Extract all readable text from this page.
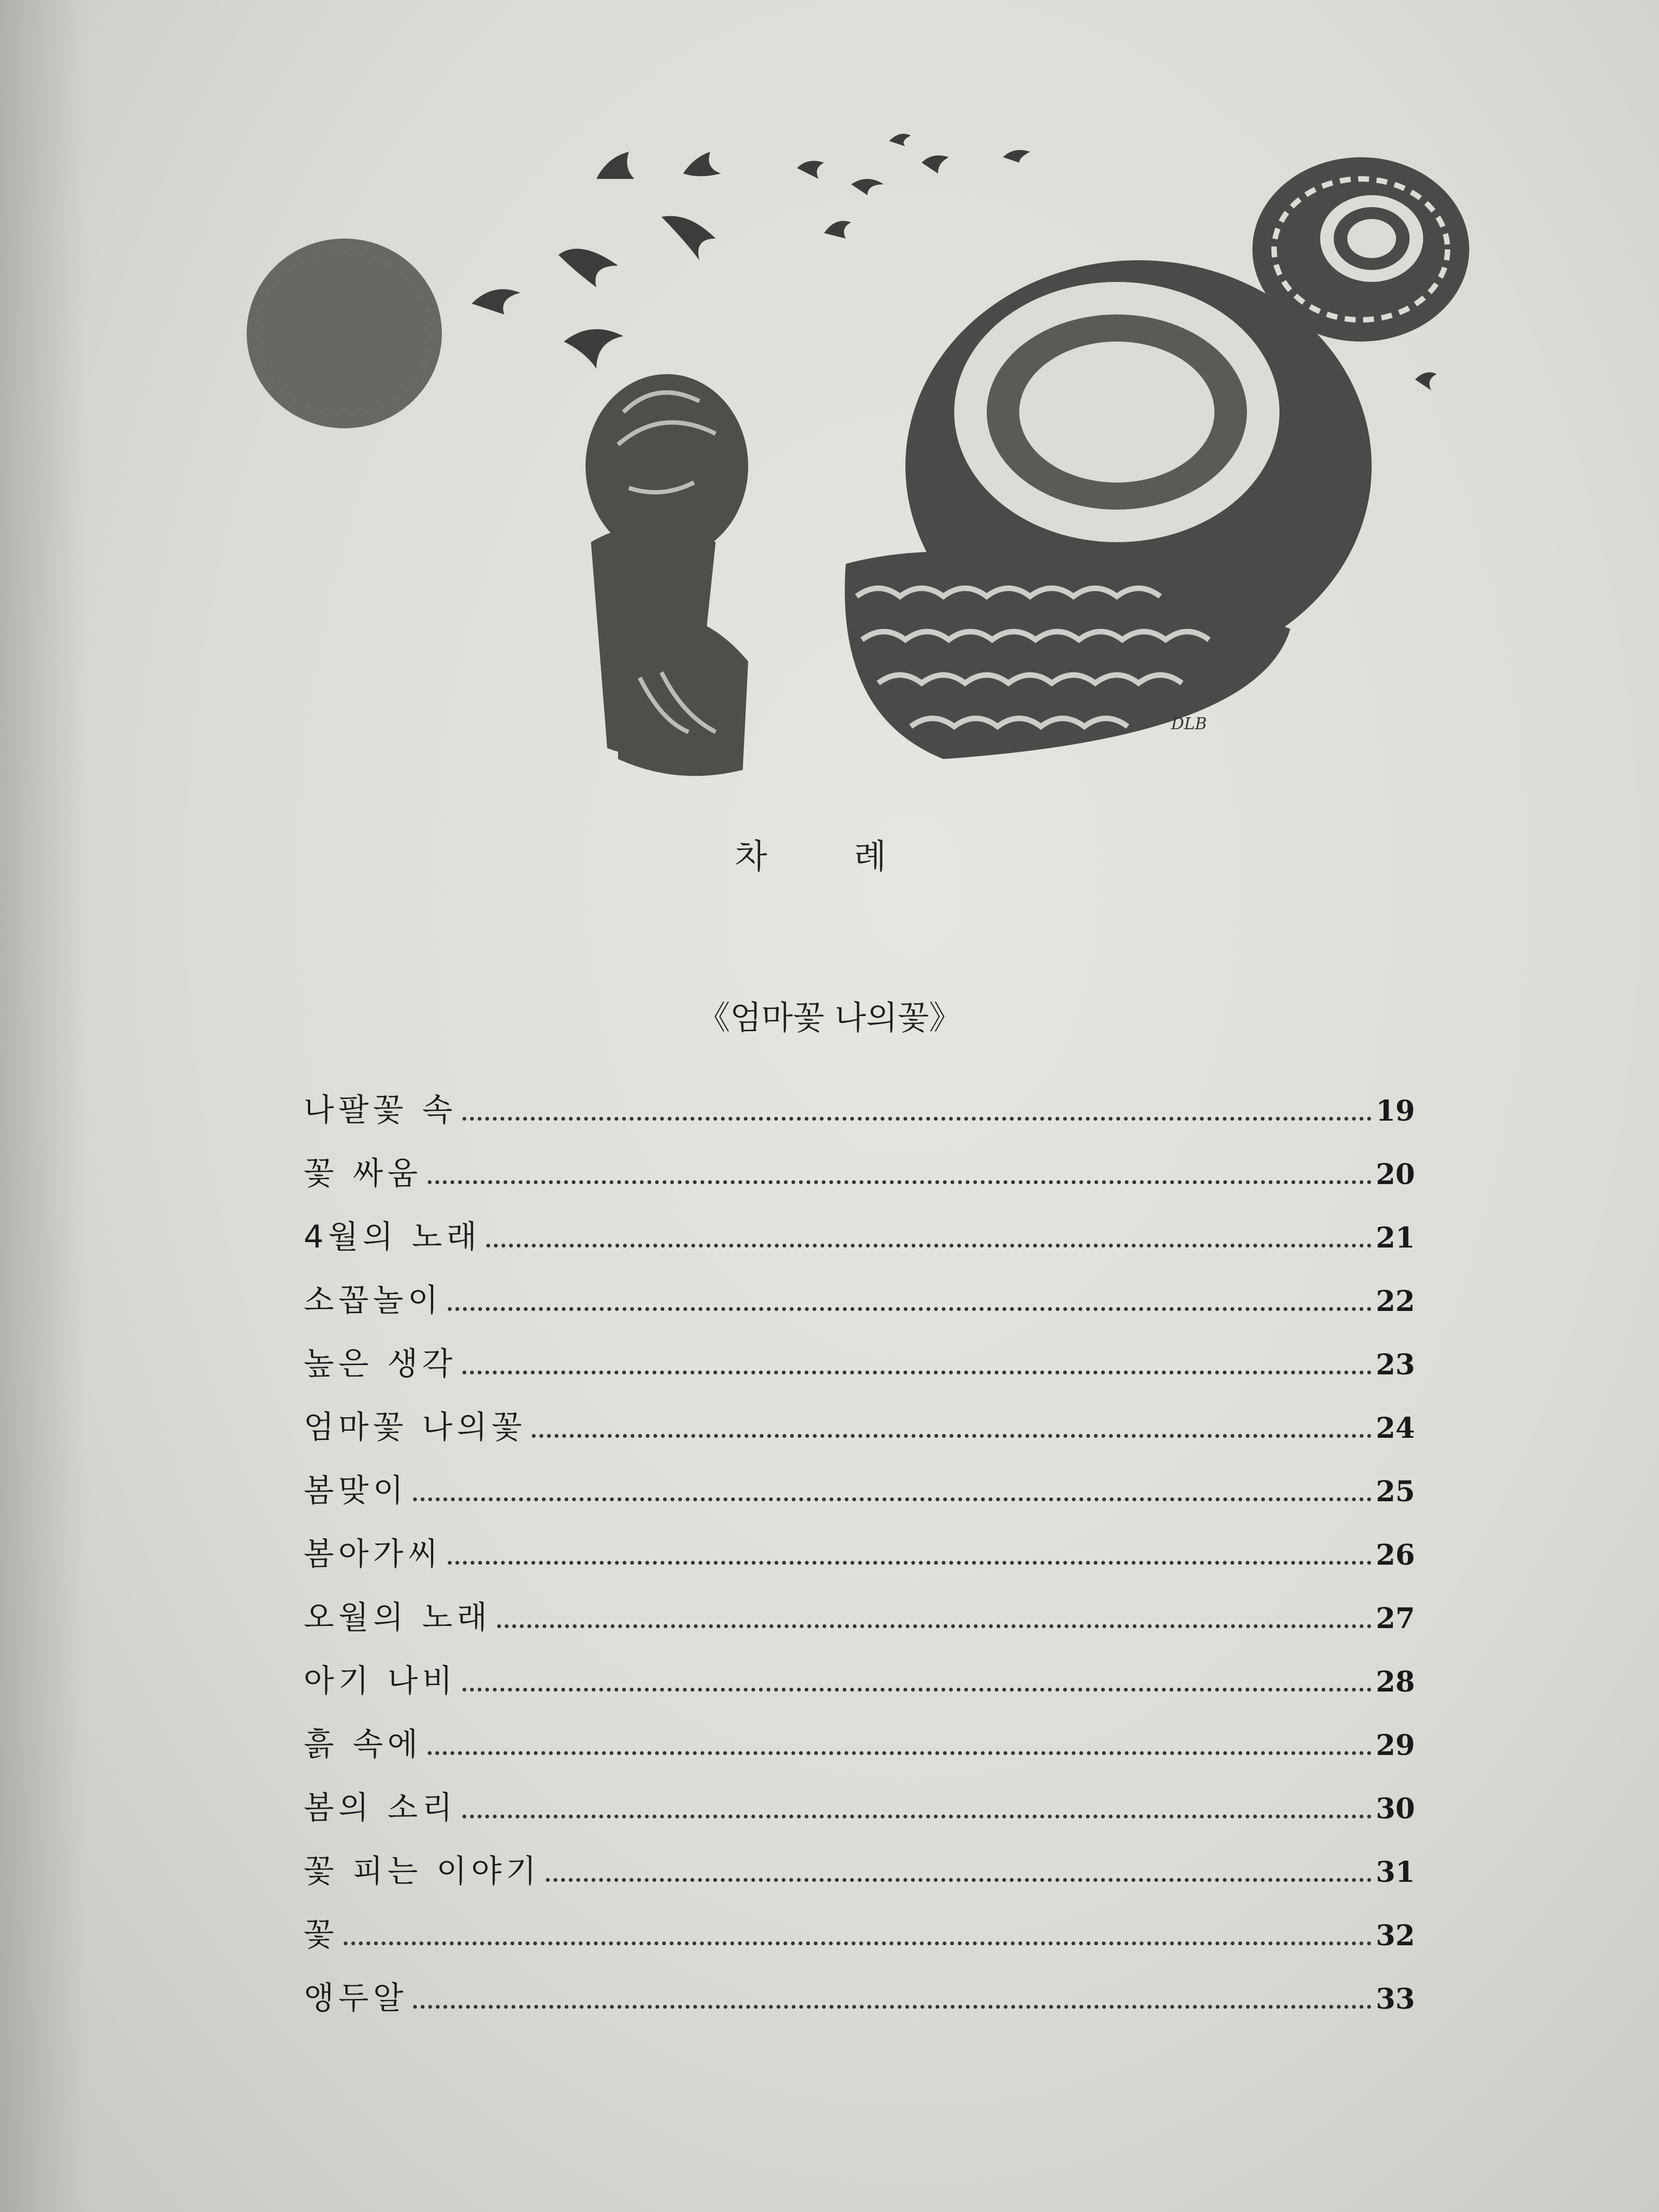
DLB
차 례
《엄마꽃 나의꽃》
나팔꽃 속	19
꽃 싸움	20
4월의 노래	21
소꼽놀이	22
높은 생각	23
엄마꽃 나의꽃	24
봄맞이	25
봄아가씨	26
오월의 노래	27
아기 나비	28
흙 속에	29
봄의 소리	30
꽃 피는 이야기	31
꽃	32
앵두알	33
